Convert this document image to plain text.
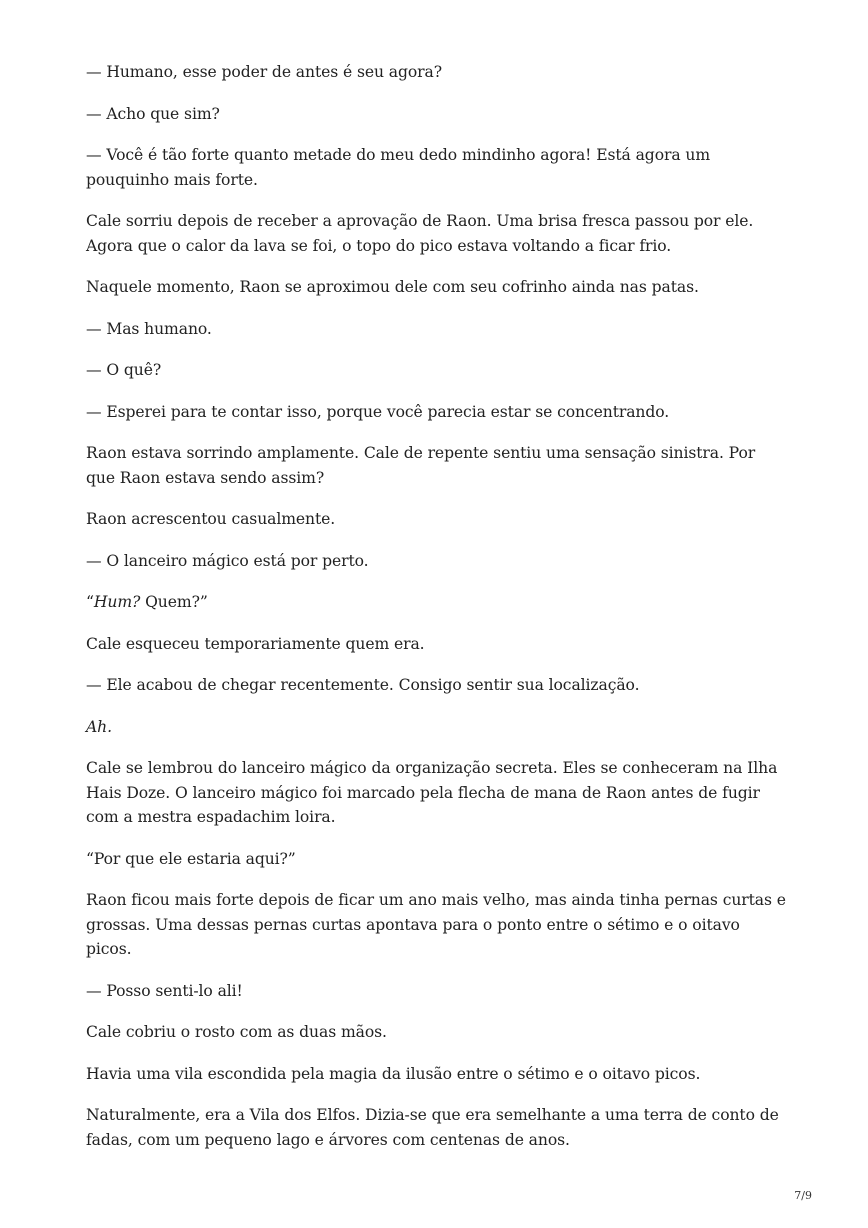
— Humano, esse poder de antes é seu agora?

— Acho que sim?

— Você é tão forte quanto metade do meu dedo mindinho agora! Está agora um pouquinho mais forte.

Cale sorriu depois de receber a aprovação de Raon. Uma brisa fresca passou por ele. Agora que o calor da lava se foi, o topo do pico estava voltando a ficar frio.

Naquele momento, Raon se aproximou dele com seu cofrinho ainda nas patas.

— Mas humano.

— O quê?

— Esperei para te contar isso, porque você parecia estar se concentrando.

Raon estava sorrindo amplamente. Cale de repente sentiu uma sensação sinistra. Por que Raon estava sendo assim?

Raon acrescentou casualmente.

— O lanceiro mágico está por perto.

“Hum? Quem?”

Cale esqueceu temporariamente quem era.

— Ele acabou de chegar recentemente. Consigo sentir sua localização.

Ah.

Cale se lembrou do lanceiro mágico da organização secreta. Eles se conheceram na Ilha Hais Doze. O lanceiro mágico foi marcado pela flecha de mana de Raon antes de fugir com a mestra espadachim loira.

“Por que ele estaria aqui?”

Raon ficou mais forte depois de ficar um ano mais velho, mas ainda tinha pernas curtas e grossas. Uma dessas pernas curtas apontava para o ponto entre o sétimo e o oitavo picos.

— Posso senti-lo ali!

Cale cobriu o rosto com as duas mãos.

Havia uma vila escondida pela magia da ilusão entre o sétimo e o oitavo picos.

Naturalmente, era a Vila dos Elfos. Dizia-se que era semelhante a uma terra de conto de fadas, com um pequeno lago e árvores com centenas de anos.

7/9
